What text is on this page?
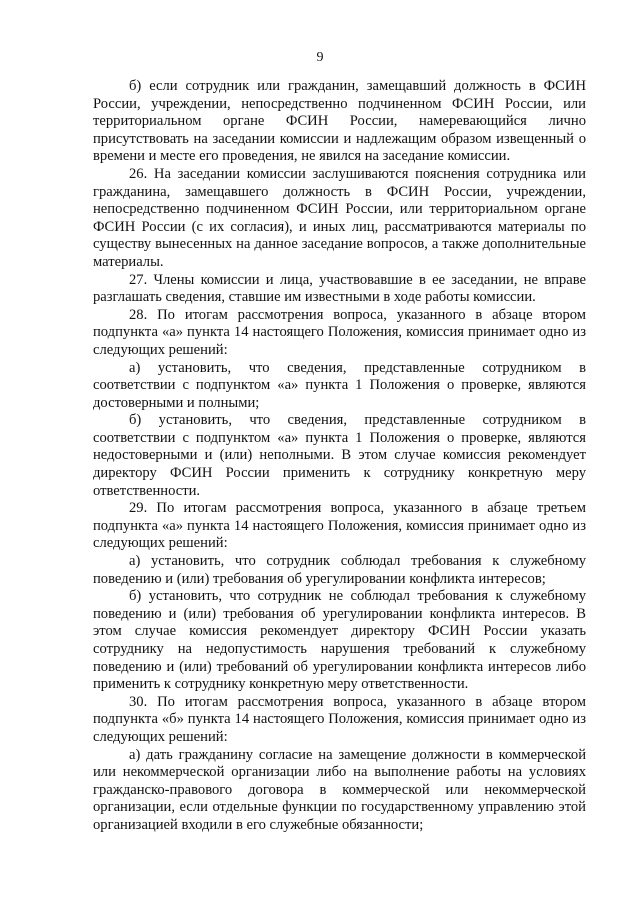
9

б) если сотрудник или гражданин, замещавший должность в ФСИН России, учреждении, непосредственно подчиненном ФСИН России, или территориальном органе ФСИН России, намеревающийся лично присутствовать на заседании комиссии и надлежащим образом извещенный о времени и месте его проведения, не явился на заседание комиссии.

26. На заседании комиссии заслушиваются пояснения сотрудника или гражданина, замещавшего должность в ФСИН России, учреждении, непосредственно подчиненном ФСИН России, или территориальном органе ФСИН России (с их согласия), и иных лиц, рассматриваются материалы по существу вынесенных на данное заседание вопросов, а также дополнительные материалы.

27. Члены комиссии и лица, участвовавшие в ее заседании, не вправе разглашать сведения, ставшие им известными в ходе работы комиссии.

28. По итогам рассмотрения вопроса, указанного в абзаце втором подпункта «а» пункта 14 настоящего Положения, комиссия принимает одно из следующих решений:

а) установить, что сведения, представленные сотрудником в соответствии с подпунктом «а» пункта 1 Положения о проверке, являются достоверными и полными;

б) установить, что сведения, представленные сотрудником в соответствии с подпунктом «а» пункта 1 Положения о проверке, являются недостоверными и (или) неполными. В этом случае комиссия рекомендует директору ФСИН России применить к сотруднику конкретную меру ответственности.

29. По итогам рассмотрения вопроса, указанного в абзаце третьем подпункта «а» пункта 14 настоящего Положения, комиссия принимает одно из следующих решений:

а) установить, что сотрудник соблюдал требования к служебному поведению и (или) требования об урегулировании конфликта интересов;

б) установить, что сотрудник не соблюдал требования к служебному поведению и (или) требования об урегулировании конфликта интересов. В этом случае комиссия рекомендует директору ФСИН России указать сотруднику на недопустимость нарушения требований к служебному поведению и (или) требований об урегулировании конфликта интересов либо применить к сотруднику конкретную меру ответственности.

30. По итогам рассмотрения вопроса, указанного в абзаце втором подпункта «б» пункта 14 настоящего Положения, комиссия принимает одно из следующих решений:

а) дать гражданину согласие на замещение должности в коммерческой или некоммерческой организации либо на выполнение работы на условиях гражданско-правового договора в коммерческой или некоммерческой организации, если отдельные функции по государственному управлению этой организацией входили в его служебные обязанности;
